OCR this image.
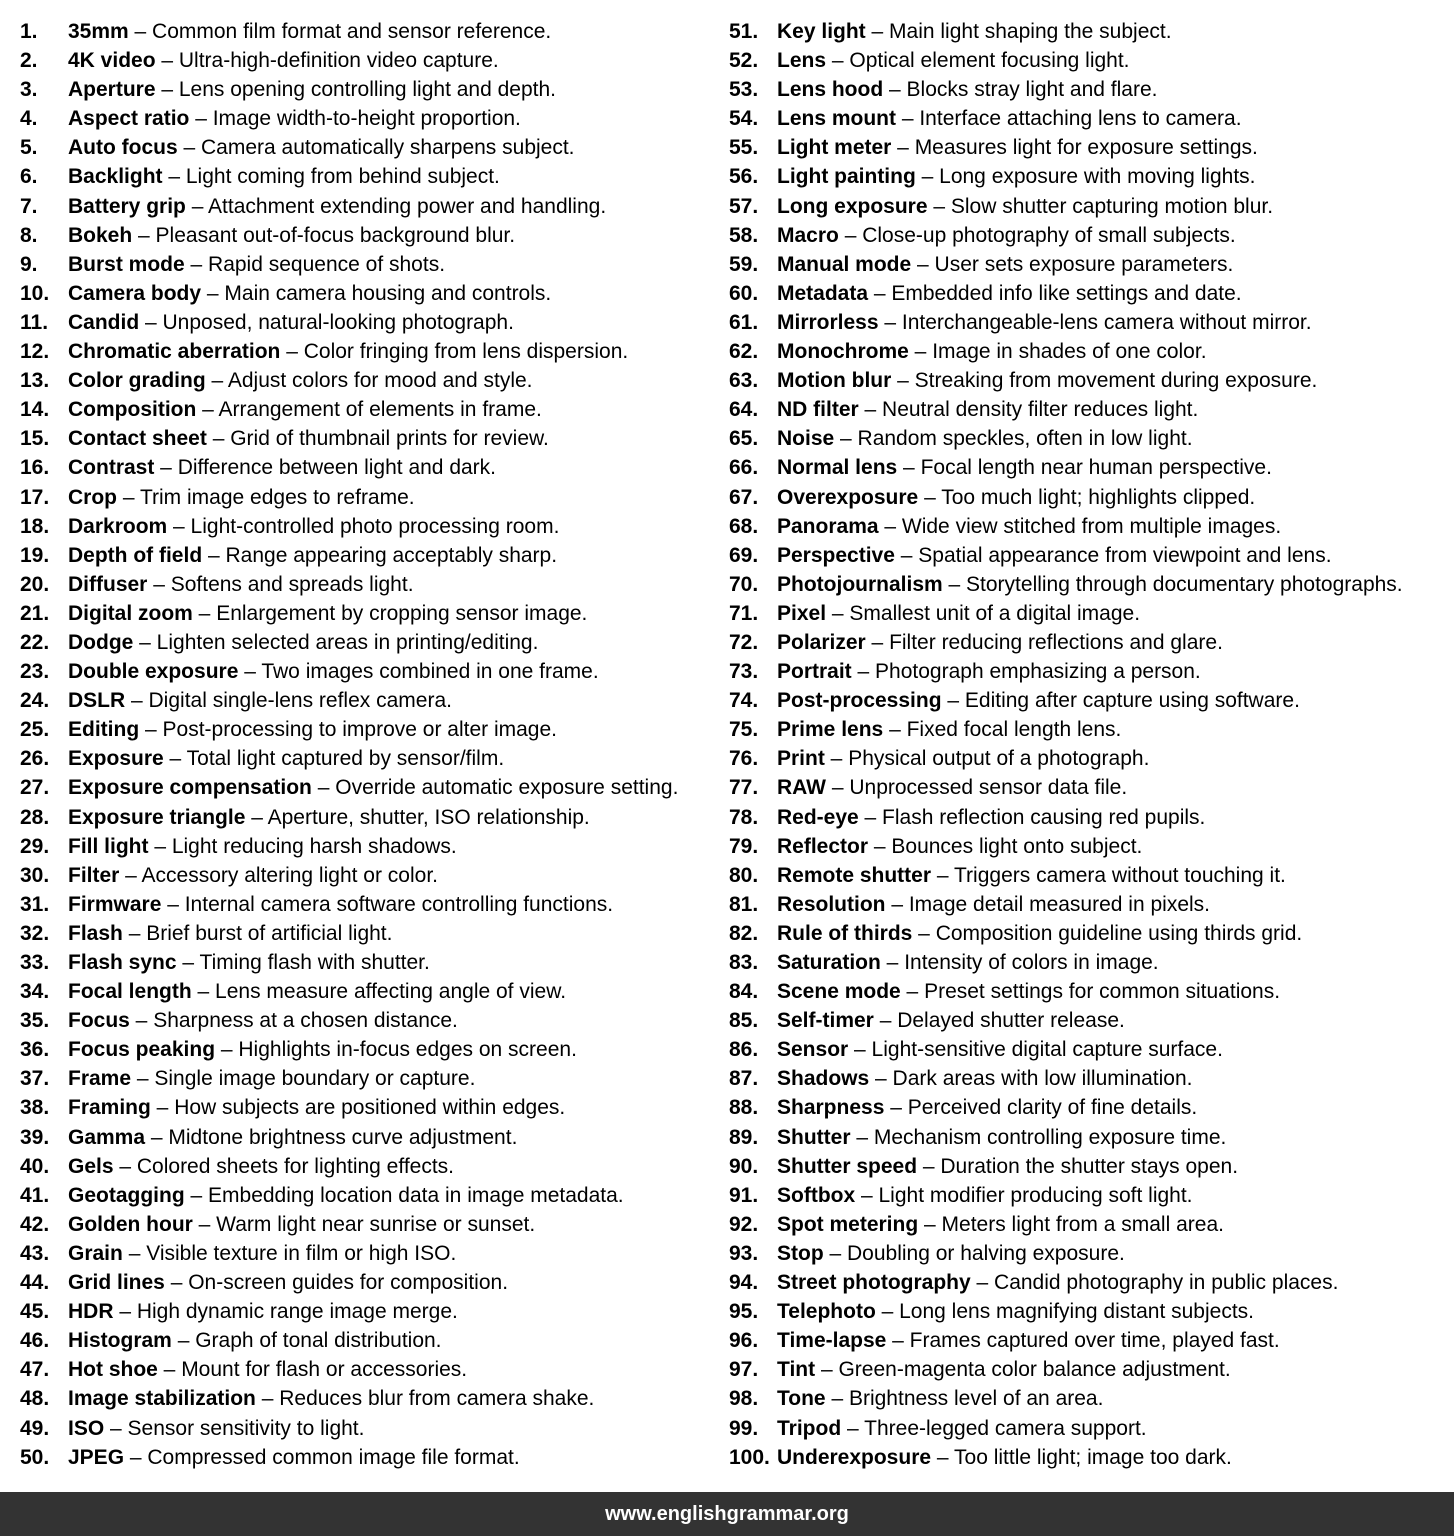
1. 35mm – Common film format and sensor reference.
2. 4K video – Ultra-high-definition video capture.
3. Aperture – Lens opening controlling light and depth.
4. Aspect ratio – Image width-to-height proportion.
5. Auto focus – Camera automatically sharpens subject.
6. Backlight – Light coming from behind subject.
7. Battery grip – Attachment extending power and handling.
8. Bokeh – Pleasant out-of-focus background blur.
9. Burst mode – Rapid sequence of shots.
10. Camera body – Main camera housing and controls.
11. Candid – Unposed, natural-looking photograph.
12. Chromatic aberration – Color fringing from lens dispersion.
13. Color grading – Adjust colors for mood and style.
14. Composition – Arrangement of elements in frame.
15. Contact sheet – Grid of thumbnail prints for review.
16. Contrast – Difference between light and dark.
17. Crop – Trim image edges to reframe.
18. Darkroom – Light-controlled photo processing room.
19. Depth of field – Range appearing acceptably sharp.
20. Diffuser – Softens and spreads light.
21. Digital zoom – Enlargement by cropping sensor image.
22. Dodge – Lighten selected areas in printing/editing.
23. Double exposure – Two images combined in one frame.
24. DSLR – Digital single-lens reflex camera.
25. Editing – Post-processing to improve or alter image.
26. Exposure – Total light captured by sensor/film.
27. Exposure compensation – Override automatic exposure setting.
28. Exposure triangle – Aperture, shutter, ISO relationship.
29. Fill light – Light reducing harsh shadows.
30. Filter – Accessory altering light or color.
31. Firmware – Internal camera software controlling functions.
32. Flash – Brief burst of artificial light.
33. Flash sync – Timing flash with shutter.
34. Focal length – Lens measure affecting angle of view.
35. Focus – Sharpness at a chosen distance.
36. Focus peaking – Highlights in-focus edges on screen.
37. Frame – Single image boundary or capture.
38. Framing – How subjects are positioned within edges.
39. Gamma – Midtone brightness curve adjustment.
40. Gels – Colored sheets for lighting effects.
41. Geotagging – Embedding location data in image metadata.
42. Golden hour – Warm light near sunrise or sunset.
43. Grain – Visible texture in film or high ISO.
44. Grid lines – On-screen guides for composition.
45. HDR – High dynamic range image merge.
46. Histogram – Graph of tonal distribution.
47. Hot shoe – Mount for flash or accessories.
48. Image stabilization – Reduces blur from camera shake.
49. ISO – Sensor sensitivity to light.
50. JPEG – Compressed common image file format.
51. Key light – Main light shaping the subject.
52. Lens – Optical element focusing light.
53. Lens hood – Blocks stray light and flare.
54. Lens mount – Interface attaching lens to camera.
55. Light meter – Measures light for exposure settings.
56. Light painting – Long exposure with moving lights.
57. Long exposure – Slow shutter capturing motion blur.
58. Macro – Close-up photography of small subjects.
59. Manual mode – User sets exposure parameters.
60. Metadata – Embedded info like settings and date.
61. Mirrorless – Interchangeable-lens camera without mirror.
62. Monochrome – Image in shades of one color.
63. Motion blur – Streaking from movement during exposure.
64. ND filter – Neutral density filter reduces light.
65. Noise – Random speckles, often in low light.
66. Normal lens – Focal length near human perspective.
67. Overexposure – Too much light; highlights clipped.
68. Panorama – Wide view stitched from multiple images.
69. Perspective – Spatial appearance from viewpoint and lens.
70. Photojournalism – Storytelling through documentary photographs.
71. Pixel – Smallest unit of a digital image.
72. Polarizer – Filter reducing reflections and glare.
73. Portrait – Photograph emphasizing a person.
74. Post-processing – Editing after capture using software.
75. Prime lens – Fixed focal length lens.
76. Print – Physical output of a photograph.
77. RAW – Unprocessed sensor data file.
78. Red-eye – Flash reflection causing red pupils.
79. Reflector – Bounces light onto subject.
80. Remote shutter – Triggers camera without touching it.
81. Resolution – Image detail measured in pixels.
82. Rule of thirds – Composition guideline using thirds grid.
83. Saturation – Intensity of colors in image.
84. Scene mode – Preset settings for common situations.
85. Self-timer – Delayed shutter release.
86. Sensor – Light-sensitive digital capture surface.
87. Shadows – Dark areas with low illumination.
88. Sharpness – Perceived clarity of fine details.
89. Shutter – Mechanism controlling exposure time.
90. Shutter speed – Duration the shutter stays open.
91. Softbox – Light modifier producing soft light.
92. Spot metering – Meters light from a small area.
93. Stop – Doubling or halving exposure.
94. Street photography – Candid photography in public places.
95. Telephoto – Long lens magnifying distant subjects.
96. Time-lapse – Frames captured over time, played fast.
97. Tint – Green-magenta color balance adjustment.
98. Tone – Brightness level of an area.
99. Tripod – Three-legged camera support.
100. Underexposure – Too little light; image too dark.
www.englishgrammar.org
